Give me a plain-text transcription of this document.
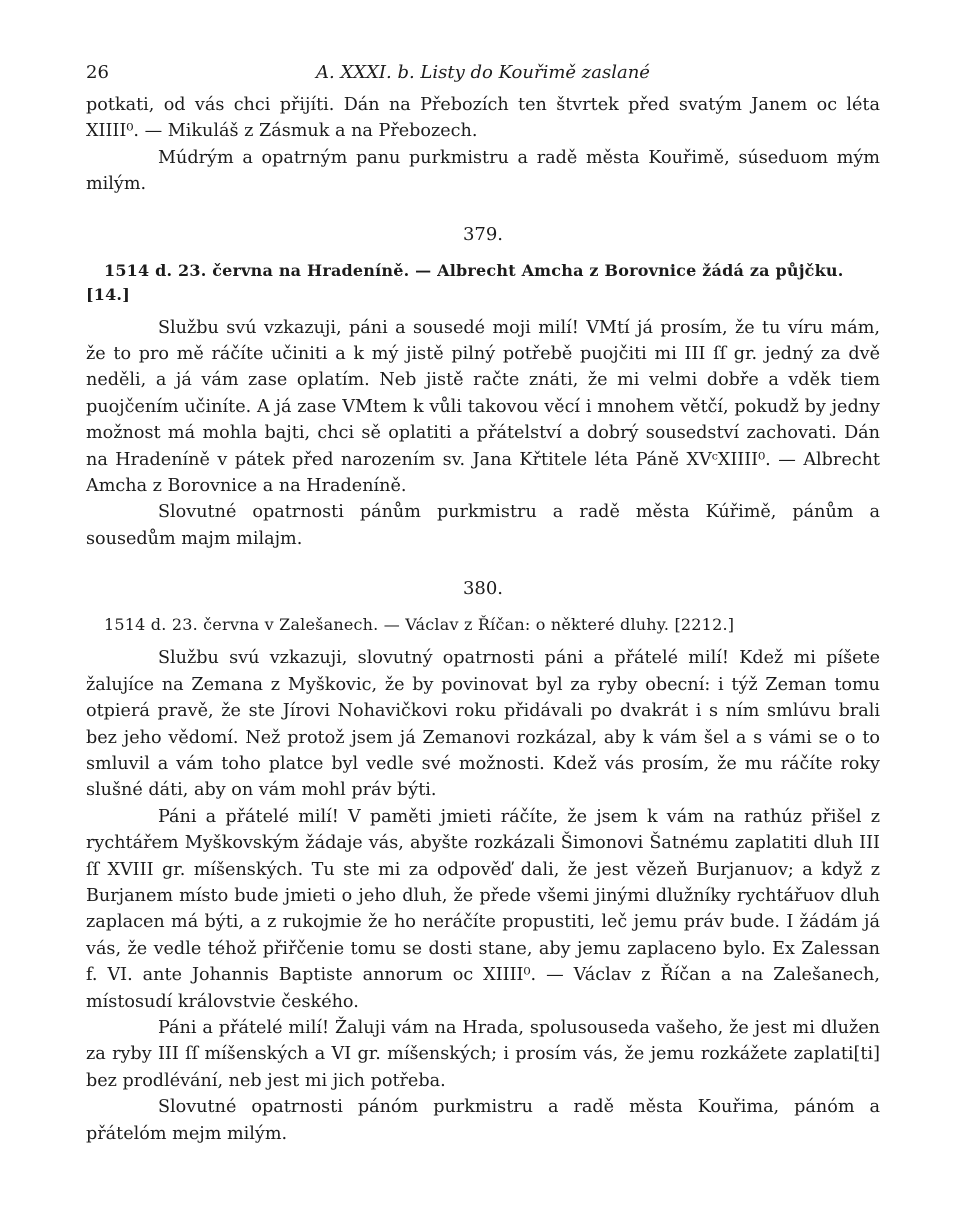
26	A. XXXI. b. Listy do Kouřimě zaslané

potkati, od vás chci přijíti. Dán na Přebozích ten štvrtek před svatým Janem oc léta XIIII⁰. — Mikuláš z Zásmuk a na Přebozech.

Múdrým a opatrným panu purkmistru a radě města Kouřimě, súseduom mým milým.

379.

1514 d. 23. června na Hradeníně. — Albrecht Amcha z Borovnice žádá za půjčku. [14.]

Službu svú vzkazuji, páni a sousedé moji milí! VMtí já prosím, že tu víru mám, že to pro mě ráčíte učiniti a k mý jistě pilný potřebě puojčiti mi III ſſ gr. jedný za dvě neděli, a já vám zase oplatím. Neb jistě račte znáti, že mi velmi dobře a vděk tiem puojčením učiníte. A já zase VMtem k vůli takovou věcí i mnohem větčí, pokudž by jedny možnost má mohla bajti, chci sě oplatiti a přátelství a dobrý sousedství zachovati. Dán na Hradeníně v pátek před narozením sv. Jana Křtitele léta Páně XVᶜXIIII⁰. — Albrecht Amcha z Borovnice a na Hradeníně.

Slovutné opatrnosti pánům purkmistru a radě města Kúřimě, pánům a sousedům majm milajm.

380.

1514 d. 23. června v Zalešanech. — Václav z Říčan: o některé dluhy. [2212.]

Službu svú vzkazuji, slovutný opatrnosti páni a přátelé milí! Kdež mi píšete žalujíce na Zemana z Myškovic, že by povinovat byl za ryby obecní: i týž Zeman tomu otpierá pravě, že ste Jírovi Nohavičkovi roku přidávali po dvakrát i s ním smlúvu brali bez jeho vědomí. Než protož jsem já Zemanovi rozkázal, aby k vám šel a s vámi se o to smluvil a vám toho platce byl vedle své možnosti. Kdež vás prosím, že mu ráčíte roky slušné dáti, aby on vám mohl práv býti.

Páni a přátelé milí! V paměti jmieti ráčíte, že jsem k vám na rathúz přišel z rychtářem Myškovským žádaje vás, abyšte rozkázali Šimonovi Šatnému zaplatiti dluh III ſſ XVIII gr. míšenských. Tu ste mi za odpověď dali, že jest vězeň Burjanuov; a když z Burjanem místo bude jmieti o jeho dluh, že přede všemi jinými dlužníky rychtářuov dluh zaplacen má býti, a z rukojmie že ho neráčíte propustiti, leč jemu práv bude. I žádám já vás, že vedle téhož přiřčenie tomu se dosti stane, aby jemu zaplaceno bylo. Ex Zalessan f. VI. ante Johannis Baptiste annorum oc XIIII⁰. — Václav z Říčan a na Zalešanech, místosudí královstvie českého.

Páni a přátelé milí! Žaluji vám na Hrada, spolusouseda vašeho, že jest mi dlužen za ryby III ſſ míšenských a VI gr. míšenských; i prosím vás, že jemu rozkážete zaplati[ti] bez prodlévání, neb jest mi jich potřeba.

Slovutné opatrnosti pánóm purkmistru a radě města Kouřima, pánóm a přátelóm mejm milým.
